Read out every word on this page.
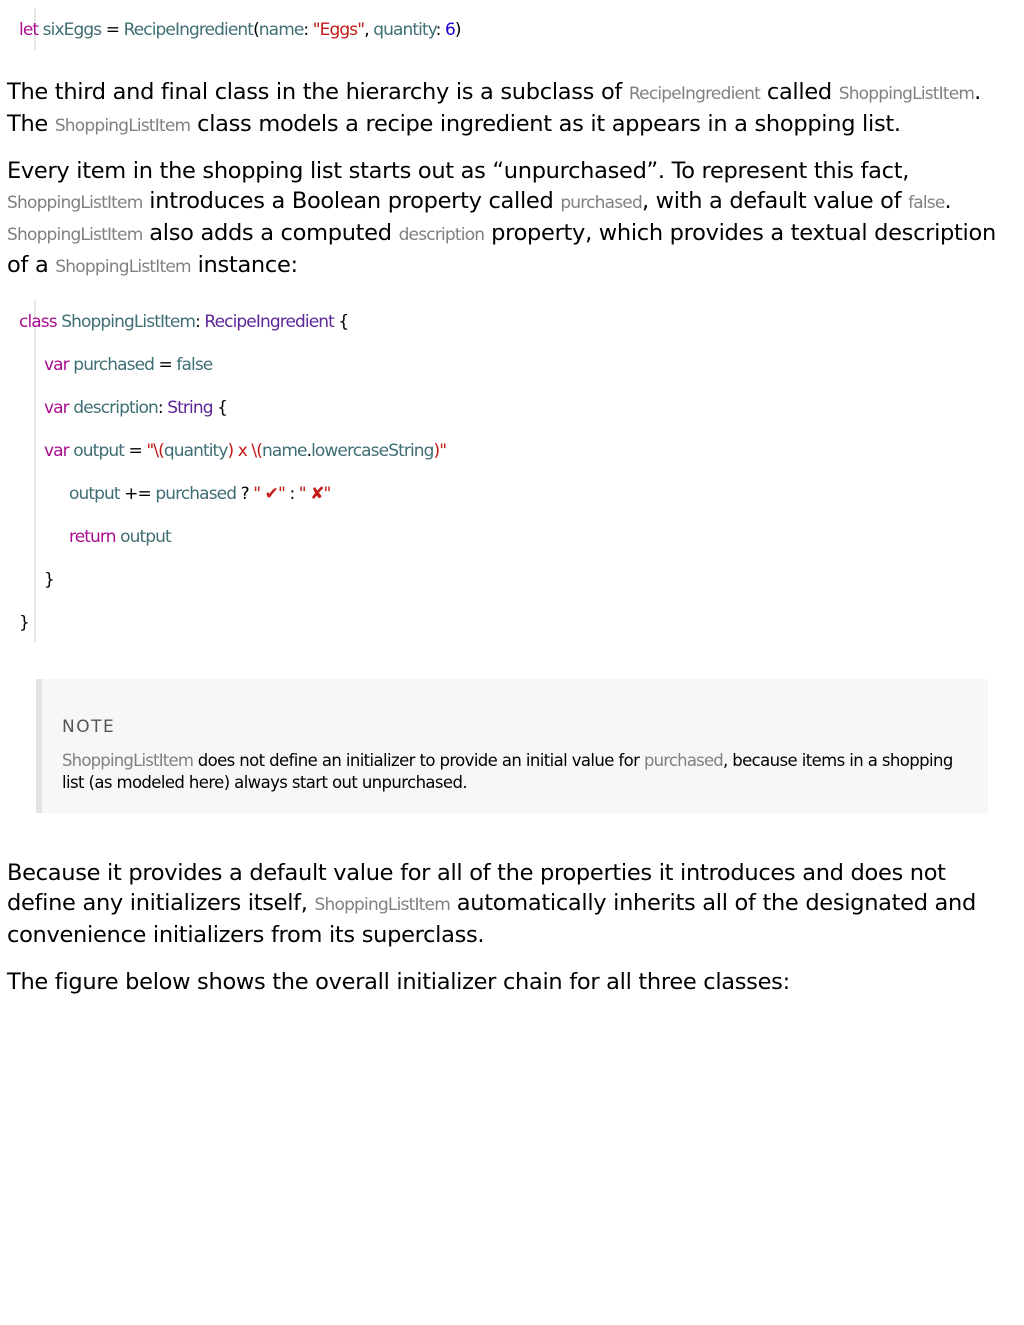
let sixEggs = RecipeIngredient(name: "Eggs", quantity: 6)

The third and final class in the hierarchy is a subclass of RecipeIngredient called ShoppingListItem. The ShoppingListItem class models a recipe ingredient as it appears in a shopping list.

Every item in the shopping list starts out as “unpurchased”. To represent this fact, ShoppingListItem introduces a Boolean property called purchased, with a default value of false. ShoppingListItem also adds a computed description property, which provides a textual description of a ShoppingListItem instance:

class ShoppingListItem: RecipeIngredient {
var purchased = false
var description: String {
var output = "\(quantity) x \(name.lowercaseString)"
output += purchased ? " ✔" : " ✘"
return output
}
}
NOTE
ShoppingListItem does not define an initializer to provide an initial value for purchased, because items in a shopping list (as modeled here) always start out unpurchased.

Because it provides a default value for all of the properties it introduces and does not define any initializers itself, ShoppingListItem automatically inherits all of the designated and convenience initializers from its superclass.

The figure below shows the overall initializer chain for all three classes:
